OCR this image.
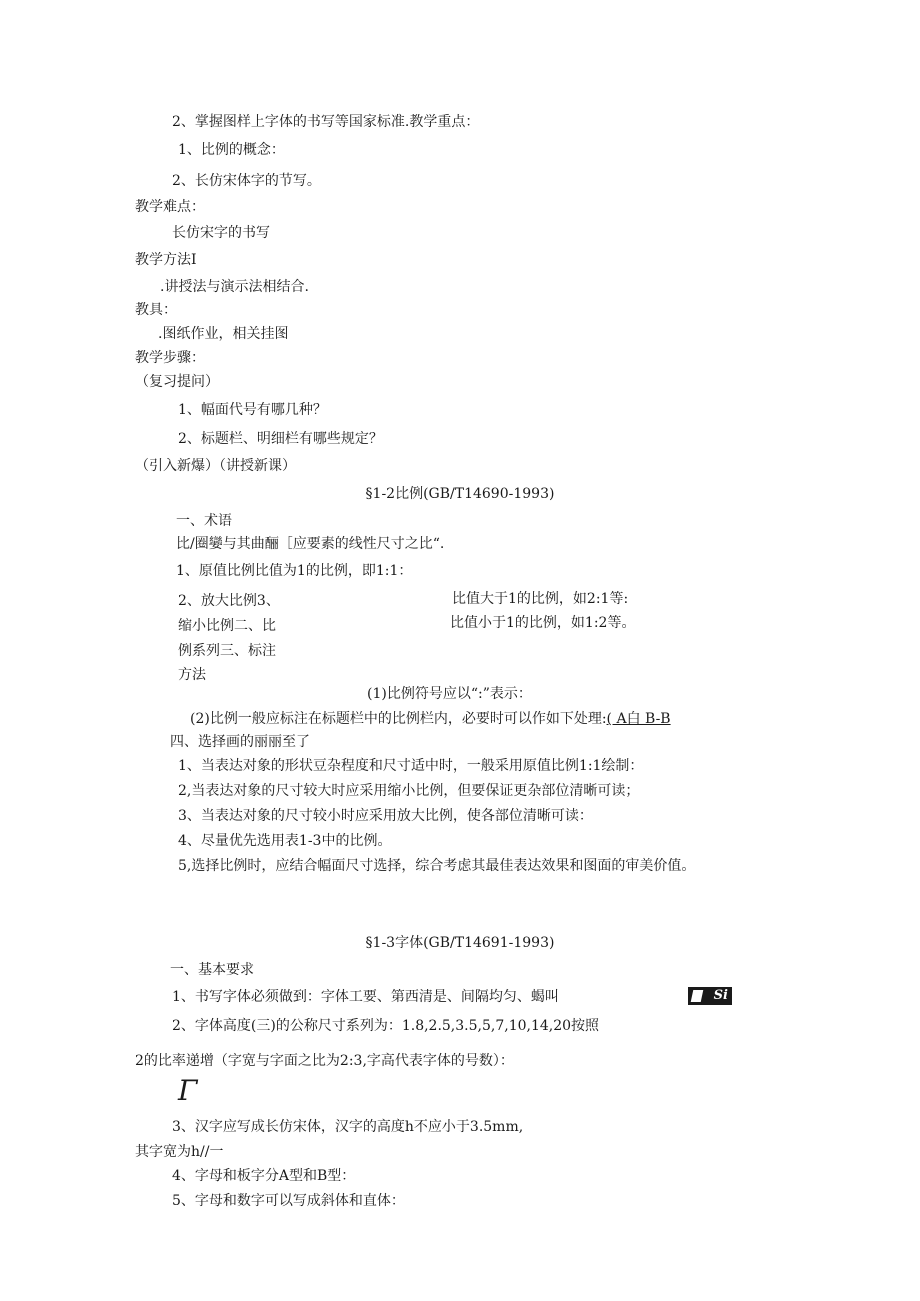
2、掌握图样上字体的书写等国家标准.教学重点：
1、比例的概念：
2、长仿宋体字的节写。
教学难点：
长仿宋字的书写
教学方法I
.讲授法与演示法相结合.
教具：
.图纸作业，相关挂图
教学步骤：
（复习提问）
1、幅面代号有哪几种？
2、标题栏、明细栏有哪些规定？
（引入新爆）（讲授新课）
§1-2比例(GB/T14690-1993)
一、术语
比/圈孌与其曲酾［应要素的线性尺寸之比“.
1、原值比例比值为1的比例，即1:1：
2、放大比例3、	比值大于1的比例，如2:1等:
缩小比例二、比	比值小于1的比例，如1:2等。
例系列三、标注
方法
(1)比例符号应以“:”表示：
(2)比例一般应标注在标题栏中的比例栏内，必要时可以作如下处理:( A白 B-B
四、选择画的丽丽至了
1、当表达对象的形状豆杂程度和尺寸适中时，一般采用原值比例1:1绘制：
2,当表达对象的尺寸较大时应采用缩小比例，但要保证更杂部位清晰可读；
3、当表达对象的尺寸较小时应采用放大比例，使各部位清晰可读：
4、尽量优先选用表1-3中的比例。
5,选择比例时，应结合幅面尺寸选择，综合考虑其最佳表达效果和图面的审美价值。
§1-3字体(GB/T14691-1993)
一、基本要求
1、书写字体必须做到：字体工要、第西清是、间隔均匀、蝎叫	Si
2、字体高度(三)的公称尺寸系列为：1.8,2.5,3.5,5,7,10,14,20按照
2的比率递增（字宽与字面之比为2:3,字高代表字体的号数）：
Γ
3、汉字应写成长仿宋体，汉字的高度h不应小于3.5mm,
其字宽为h//一
4、字母和板字分A型和B型：
5、字母和数字可以写成斜体和直体：
